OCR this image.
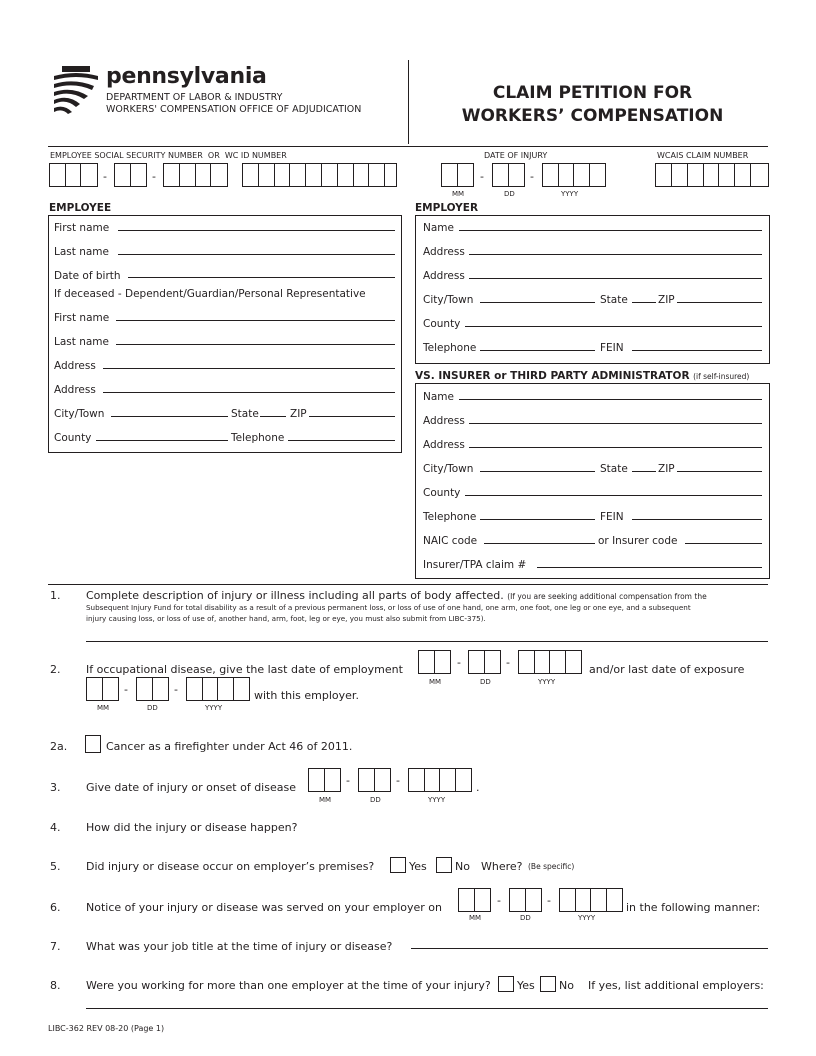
pennsylvania
DEPARTMENT OF LABOR & INDUSTRY
WORKERS' COMPENSATION OFFICE OF ADJUDICATION
CLAIM PETITION FOR
WORKERS’ COMPENSATION
EMPLOYEE SOCIAL SECURITY NUMBER OR WC ID NUMBER
-	-
DATE OF INJURY
-	-
MM	DD	YYYY
WCAIS CLAIM NUMBER
EMPLOYEE
First name
Last name
Date of birth
If deceased - Dependent/Guardian/Personal Representative
First name
Last name
Address
Address
City/Town	State	ZIP
County	Telephone
EMPLOYER
Name
Address
Address
City/Town	State	ZIP
County
Telephone	FEIN
VS. INSURER or THIRD PARTY ADMINISTRATOR (if self-insured)
Name
Address
Address
City/Town	State	ZIP
County
Telephone	FEIN
NAIC code	or Insurer code
Insurer/TPA claim #
1. Complete description of injury or illness including all parts of body affected. (If you are seeking additional compensation from the
Subsequent Injury Fund for total disability as a result of a previous permanent loss, or loss of use of one hand, one arm, one foot, one leg or one eye, and a subsequent
injury causing loss, or loss of use of, another hand, arm, foot, leg or eye, you must also submit from LIBC-375).
2. If occupational disease, give the last date of employment
-	-
MM	DD	YYYY
and/or last date of exposure
-	-
MM	DD	YYYY
with this employer.
2a.	Cancer as a firefighter under Act 46 of 2011.
3. Give date of injury or onset of disease
-	-
.
MM	DD	YYYY
4. How did the injury or disease happen?
5. Did injury or disease occur on employer’s premises?	Yes	No Where? (Be specific)
6. Notice of your injury or disease was served on your employer on
-	-
in the following manner:
MM	DD	YYYY
7. What was your job title at the time of injury or disease?
8. Were you working for more than one employer at the time of your injury? Yes No If yes, list additional employers:
LIBC-362 REV 08-20 (Page 1)
